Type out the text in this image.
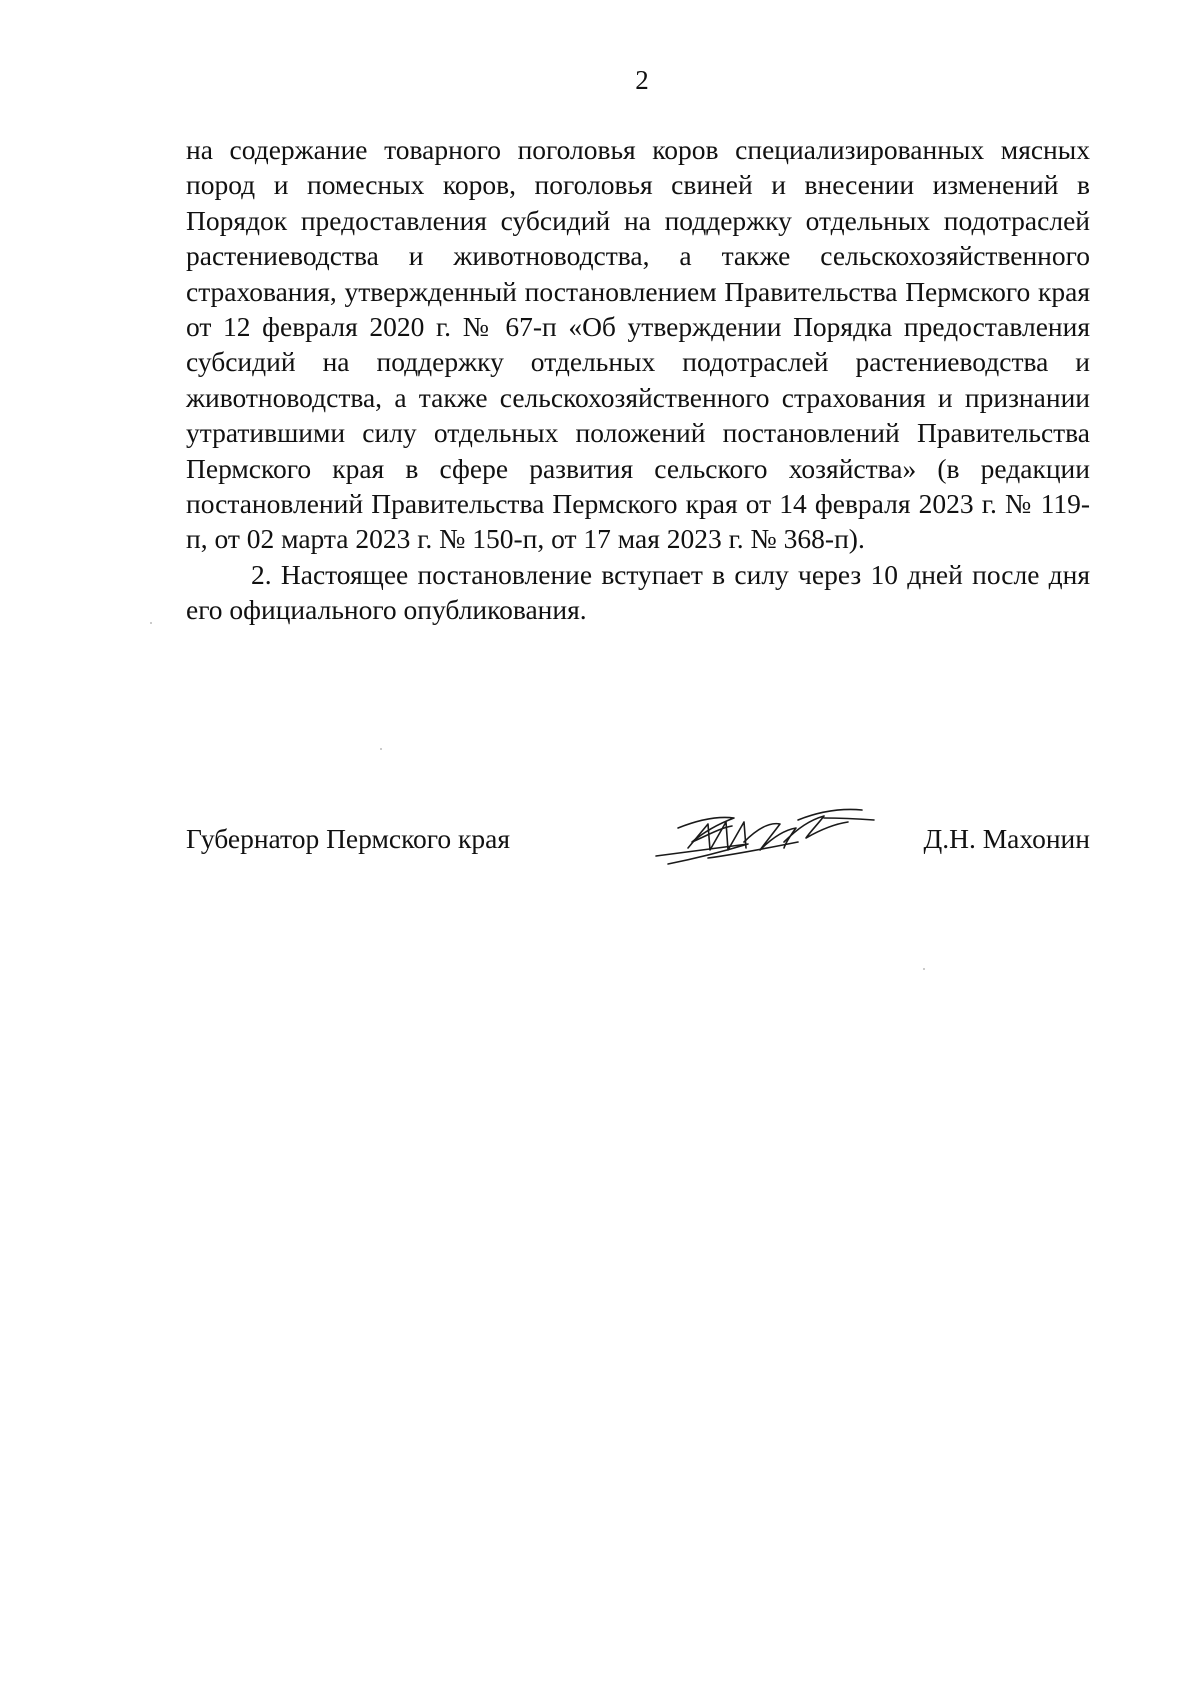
2

на содержание товарного поголовья коров специализированных мясных пород и помесных коров, поголовья свиней и внесении изменений в Порядок предоставления субсидий на поддержку отдельных подотраслей растениеводства и животноводства, а также сельскохозяйственного страхования, утвержденный постановлением Правительства Пермского края от 12 февраля 2020 г. № 67-п «Об утверждении Порядка предоставления субсидий на поддержку отдельных подотраслей растениеводства и животноводства, а также сельскохозяйственного страхования и признании утратившими силу отдельных положений постановлений Правительства Пермского края в сфере развития сельского хозяйства» (в редакции постановлений Правительства Пермского края от 14 февраля 2023 г. № 119-п, от 02 марта 2023 г. № 150-п, от 17 мая 2023 г. № 368-п).

2. Настоящее постановление вступает в силу через 10 дней после дня его официального опубликования.

Губернатор Пермского края	Д.Н. Махонин
